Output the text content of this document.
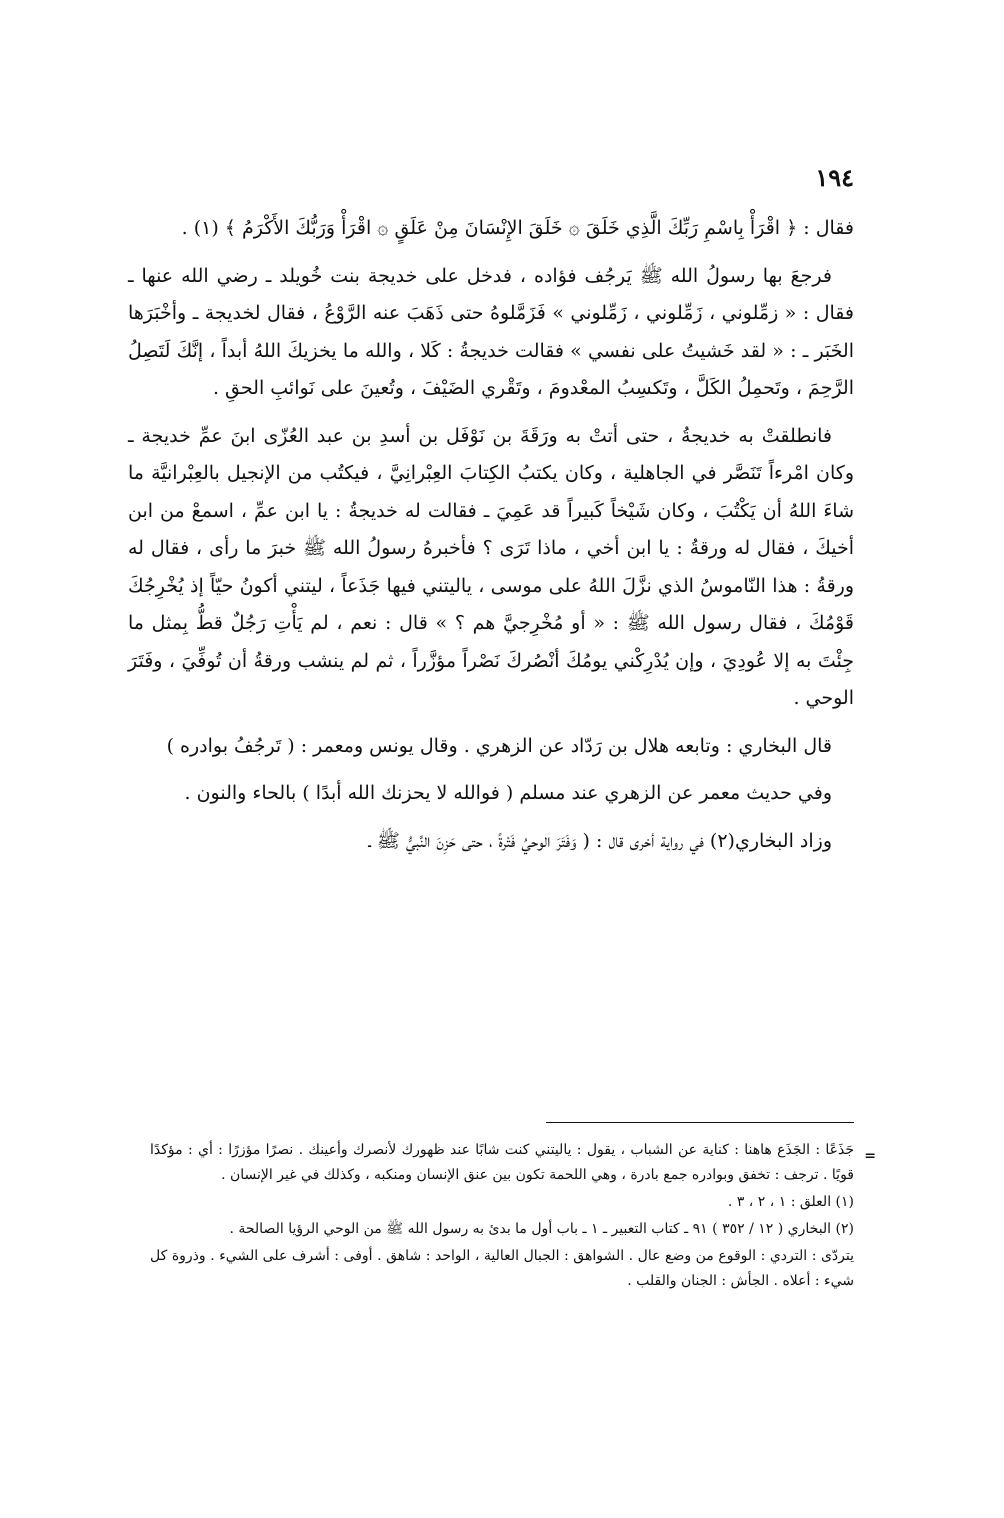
١٩٤

فقال : ﴿ اقْرَأْ بِاسْمِ رَبِّكَ الَّذِي خَلَقَ ۞ خَلَقَ الإِنْسَانَ مِنْ عَلَقٍ ۞ اقْرَأْ وَرَبُّكَ الأَكْرَمُ ﴾ (١) .

فرجعَ بها رسولُ الله ﷺ يَرجُف فؤاده ، فدخل على خديجة بنت خُويلد ـ رضي الله عنها ـ فقال : « زمِّلوني ، زَمِّلوني ، زَمِّلوني » فَزَمَّلوهُ حتى ذَهَبَ عنه الرَّوْعُ ، فقال لخديجة ـ وأخْبَرَها الخَبَر ـ : « لقد خَشيتُ على نفسي » فقالت خديجةُ : كَلا ، والله ما يخزيكَ اللهُ أبداً ، إنَّكَ لَتَصِلُ الرَّحِمَ ، وتَحمِلُ الكَلَّ ، وتَكسِبُ المعْدومَ ، وتَقْري الضَيْفَ ، وتُعينَ على نَوائبِ الحقِ .

فانطلقتْ به خديجةُ ، حتى أتتْ به ورَقَةَ بن نَوْفَل بن أسدِ بن عبد العُزّى ابنَ عمِّ خديجة ـ وكان امْرءاً تَنَصَّر في الجاهلية ، وكان يكتبُ الكِتابَ العِبْرانِيَّ ، فيكتُب من الإنجيل بالعِبْرانيَّة ما شاءَ اللهُ أن يَكْتُبَ ، وكان شَيْخاً كَبيراً قد عَمِيَ ـ فقالت له خديجةُ : يا ابن عمِّ ، اسمعْ من ابن أخيكَ ، فقال له ورقةُ : يا ابن أخي ، ماذا تَرَى ؟ فأخبرهُ رسولُ الله ﷺ خبرَ ما رأى ، فقال له ورقةُ : هذا النّاموسُ الذي نزَّلَ اللهُ على موسى ، ياليتني فيها جَذَعاً ، ليتني أكونُ حيّاً إذ يُخْرِجُكَ قَوْمُكَ ، فقال رسول الله ﷺ : « أو مُخْرِجيَّ هم ؟ » قال : نعم ، لم يَأْتِ رَجُلٌ قطُّ بِمثل ما جِئْتَ به إلا عُودِيَ ، وإن يُدْرِكْني يومُكَ أنْصُركَ نَصْراً مؤزَّراً ، ثم لم ينشب ورقةُ أن تُوفِّيَ ، وفَتَرَ الوحي .

قال البخاري : وتابعه هلال بن رَدّاد عن الزهري . وقال يونس ومعمر : ( تَرجُفُ بوادره )

وفي حديث معمر عن الزهري عند مسلم ( فوالله لا يحزنك الله أبدًا ) بالحاء والنون .

وزاد البخاري(٢) في رواية أخرى قال : ( وَفَتَرَ الوحيُ فَتْرةً ، حتى حَزِنَ النَّبيُّ ﷺ ـ

=
جَذَعًا : الجَذَع هاهنا : كناية عن الشباب ، يقول : ياليتني كنت شابًا عند ظهورك لأنصرك وأعينك . نصرًا مؤزرًا : أي : مؤكدًا قويًا . ترجف : تخفق وبوادره جمع بادرة ، وهي اللحمة تكون بين عنق الإنسان ومنكبه ، وكذلك في غير الإنسان .

(١) العلق : ١ ، ٢ ، ٣ .

(٢) البخاري ( ١٢ / ٣٥٢ ) ٩١ ـ كتاب التعبير ـ ١ ـ باب أول ما بدئ به رسول الله ﷺ من الوحي الرؤيا الصالحة .

يتردّى : التردي : الوقوع من وضع عال . الشواهق : الجبال العالية ، الواحد : شاهق . أوفى : أشرف على الشيء . وذروة كل شيء : أعلاه . الجأش : الجنان والقلب .
